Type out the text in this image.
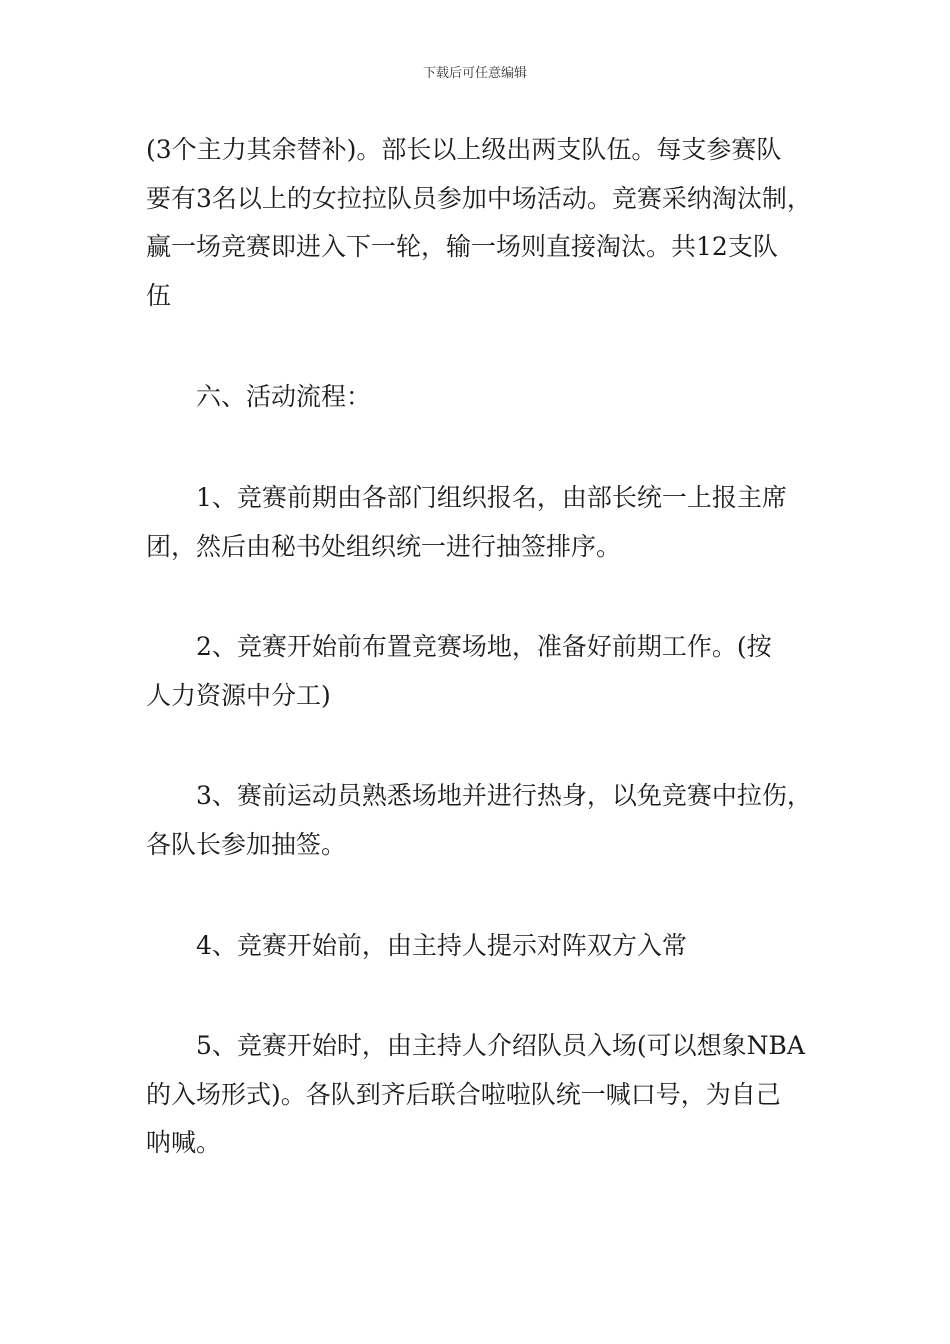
下载后可任意编辑
(3个主力其余替补)。部长以上级出两支队伍。每支参赛队
要有3名以上的女拉拉队员参加中场活动。竞赛采纳淘汰制，
赢一场竞赛即进入下一轮，输一场则直接淘汰。共12支队
伍
六、活动流程：
1、竞赛前期由各部门组织报名，由部长统一上报主席
团，然后由秘书处组织统一进行抽签排序。
2、竞赛开始前布置竞赛场地，准备好前期工作。(按
人力资源中分工)
3、赛前运动员熟悉场地并进行热身，以免竞赛中拉伤，
各队长参加抽签。
4、竞赛开始前，由主持人提示对阵双方入常
5、竞赛开始时，由主持人介绍队员入场(可以想象NBA
的入场形式)。各队到齐后联合啦啦队统一喊口号，为自己
呐喊。
